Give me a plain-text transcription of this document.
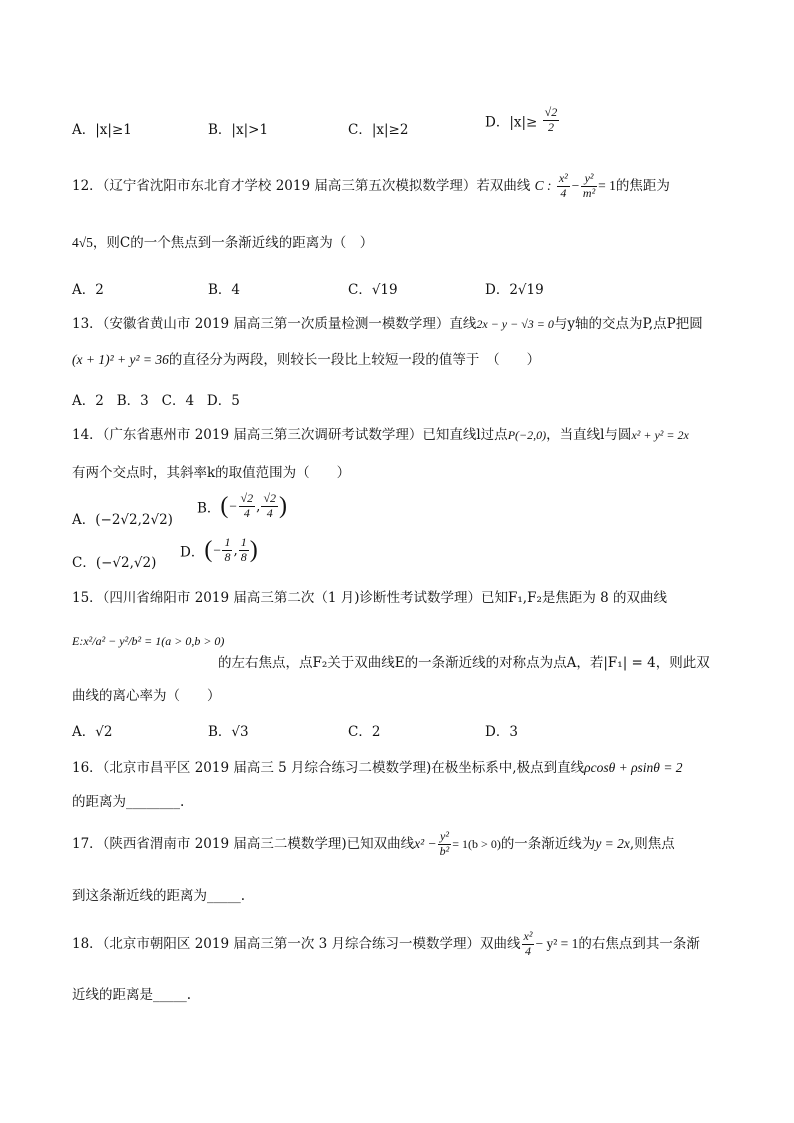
A．|x|≥1	B．|x|>1	C．|x|≥2	D．$|x|\ge \frac{√2}{2}$
12．（辽宁省沈阳市东北育才学校 2019 届高三第五次模拟数学理）若双曲线 C : $\frac{\text{x²}}{4} - \frac{\text{y²}}{\text{m²}} = 1$的焦距为
4√5，则C的一个焦点到一条渐近线的距离为（　）
A．2	B．4	C．√19	D．2√19
13．（安徽省黄山市 2019 届高三第一次质量检测一模数学理）直线2x − y − √3 = 0与y轴的交点为P,点P把圆
(x + 1)² + y² = 36的直径分为两段，则较长一段比上较短一段的值等于　（　　）
A．2 B．3 C．4 D．5
14．（广东省惠州市 2019 届高三第三次调研考试数学理）已知直线l过点P(−2,0)，当直线l与圆x² + y² = 2x
有两个交点时，其斜率k的取值范围为（　　）
A．(−2√2,2√2)
B．(− $\frac{√2}{4}$ , $\frac{√2}{4}$ )
C．(−√2,√2)
D．(− $\frac{1}{8}$ , $\frac{1}{8}$ )
15．（四川省绵阳市 2019 届高三第二次（1 月)诊断性考试数学理）已知F₁,F₂是焦距为 8 的双曲线
E:x²/a² − y²/b² = 1(a > 0,b > 0)
的左右焦点，点F₂关于双曲线E的一条渐近线的对称点为点A，若|F₁| = 4，则此双
曲线的离心率为（　　）
A．√2	B．√3	C．2	D．3
16．（北京市昌平区 2019 届高三 5 月综合练习二模数学理)在极坐标系中,极点到直线ρcosθ + ρsinθ = 2
的距离为________.
17．（陕西省渭南市 2019 届高三二模数学理)已知双曲线$x^2 - \frac{\text{y²}}{\text{b²}} = 1(b > 0)$的一条渐近线为y = 2x,则焦点
到这条渐近线的距离为_____.
18．（北京市朝阳区 2019 届高三第一次 3 月综合练习一模数学理）双曲线 $\frac{\text{x²}}{4} - y^2 = 1$的右焦点到其一条渐
近线的距离是_____.
